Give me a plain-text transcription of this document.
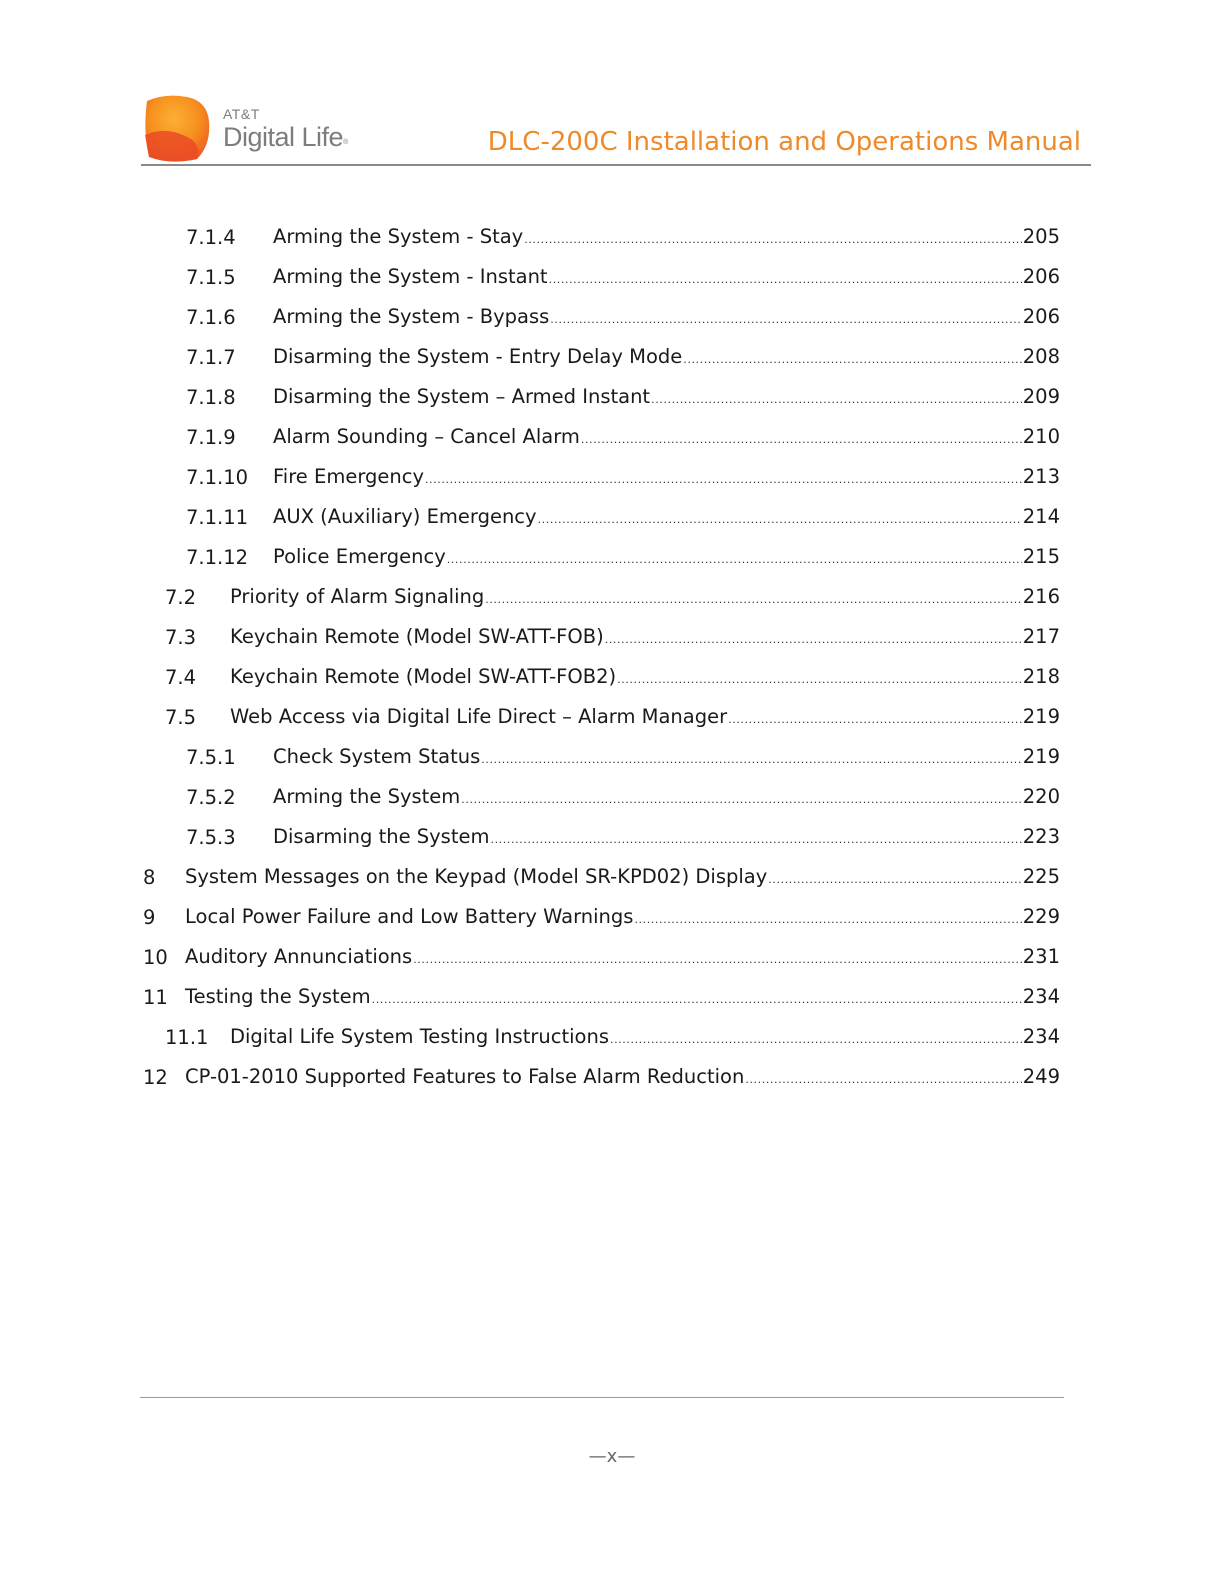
AT&T
Digital Life®	DLC-200C Installation and Operations Manual
7.1.4 Arming the System - Stay .....	205
7.1.5 Arming the System - Instant .....	206
7.1.6 Arming the System - Bypass .....	206
7.1.7 Disarming the System - Entry Delay Mode .....	208
7.1.8 Disarming the System – Armed Instant .....	209
7.1.9 Alarm Sounding – Cancel Alarm .....	210
7.1.10 Fire Emergency .....	213
7.1.11 AUX (Auxiliary) Emergency .....	214
7.1.12 Police Emergency .....	215
7.2 Priority of Alarm Signaling .....	216
7.3 Keychain Remote (Model SW-ATT-FOB) .....	217
7.4 Keychain Remote (Model SW-ATT-FOB2) .....	218
7.5 Web Access via Digital Life Direct – Alarm Manager .....	219
7.5.1 Check System Status .....	219
7.5.2 Arming the System .....	220
7.5.3 Disarming the System .....	223
8 System Messages on the Keypad (Model SR-KPD02) Display .....	225
9 Local Power Failure and Low Battery Warnings .....	229
10 Auditory Annunciations .....	231
11 Testing the System .....	234
11.1 Digital Life System Testing Instructions .....	234
12 CP-01-2010 Supported Features to False Alarm Reduction .....	249
—x—
